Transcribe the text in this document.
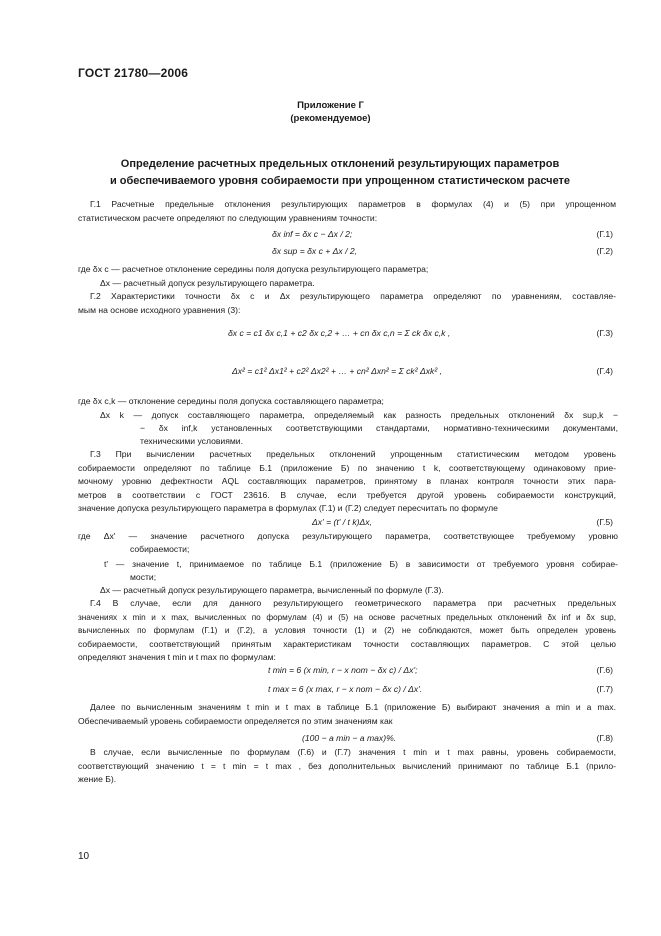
ГОСТ 21780—2006
Приложение Г
(рекомендуемое)
Определение расчетных предельных отклонений результирующих параметров
и обеспечиваемого уровня собираемости при упрощенном статистическом расчете
Г.1 Расчетные предельные отклонения результирующих параметров в формулах (4) и (5) при упрощенном
статистическом расчете определяют по следующим уравнениям точности:
δx inf = δx c − Δx / 2;	(Г.1)
δx sup = δx c + Δx / 2,	(Г.2)
где δx c — расчетное отклонение середины поля допуска результирующего параметра;
Δx — расчетный допуск результирующего параметра.
Г.2 Характеристики точности δx c и Δx результирующего параметра определяют по уравнениям, составляе-
мым на основе исходного уравнения (3):
δx c = c1 δx c,1 + c2 δx c,2 + … + cn δx c,n = Σ ck δx c,k ,	(Г.3)
Δx² = c1² Δx1² + c2² Δx2² + … + cn² Δxn² = Σ ck² Δxk² ,	(Г.4)
где δx c,k — отклонение середины поля допуска составляющего параметра;
Δx k — допуск составляющего параметра, определяемый как разность предельных отклонений δx sup,k −
− δx inf,k установленных соответствующими стандартами, нормативно-техническими документами,
техническими условиями.
Г.3 При вычислении расчетных предельных отклонений упрощенным статистическим методом уровень
собираемости определяют по таблице Б.1 (приложение Б) по значению t k, соответствующему одинаковому прие-
мочному уровню дефектности AQL составляющих параметров, принятому в планах контроля точности этих пара-
метров в соответствии с ГОСТ 23616. В случае, если требуется другой уровень собираемости конструкций,
значение допуска результирующего параметра в формулах (Г.1) и (Г.2) следует пересчитать по формуле
Δx' = (t' / t k)Δx,	(Г.5)
где Δx' — значение расчетного допуска результирующего параметра, соответствующее требуемому уровню
собираемости;
t' — значение t, принимаемое по таблице Б.1 (приложение Б) в зависимости от требуемого уровня собирае-
мости;
Δx — расчетный допуск результирующего параметра, вычисленный по формуле (Г.3).
Г.4 В случае, если для данного результирующего геометрического параметра при расчетных предельных
значениях x min и x max, вычисленных по формулам (4) и (5) на основе расчетных предельных отклонений δx inf и δx sup,
вычисленных по формулам (Г.1) и (Г.2), а условия точности (1) и (2) не соблюдаются, может быть определен уровень
собираемости, соответствующий принятым характеристикам точности составляющих параметров. С этой целью
определяют значения t min и t max по формулам:
t min = 6 (x min, r − x nom − δx c) / Δx';	(Г.6)
t max = 6 (x max, r − x nom − δx c) / Δx'.	(Г.7)
Далее по вычисленным значениям t min и t max в таблице Б.1 (приложение Б) выбирают значения a min и a max.
Обеспечиваемый уровень собираемости определяется по этим значениям как
(100 − a min − a max)%.	(Г.8)
В случае, если вычисленные по формулам (Г.6) и (Г.7) значения t min и t max равны, уровень собираемости,
соответствующий значению t = t min = t max , без дополнительных вычислений принимают по таблице Б.1 (прило-
жение Б).
10
